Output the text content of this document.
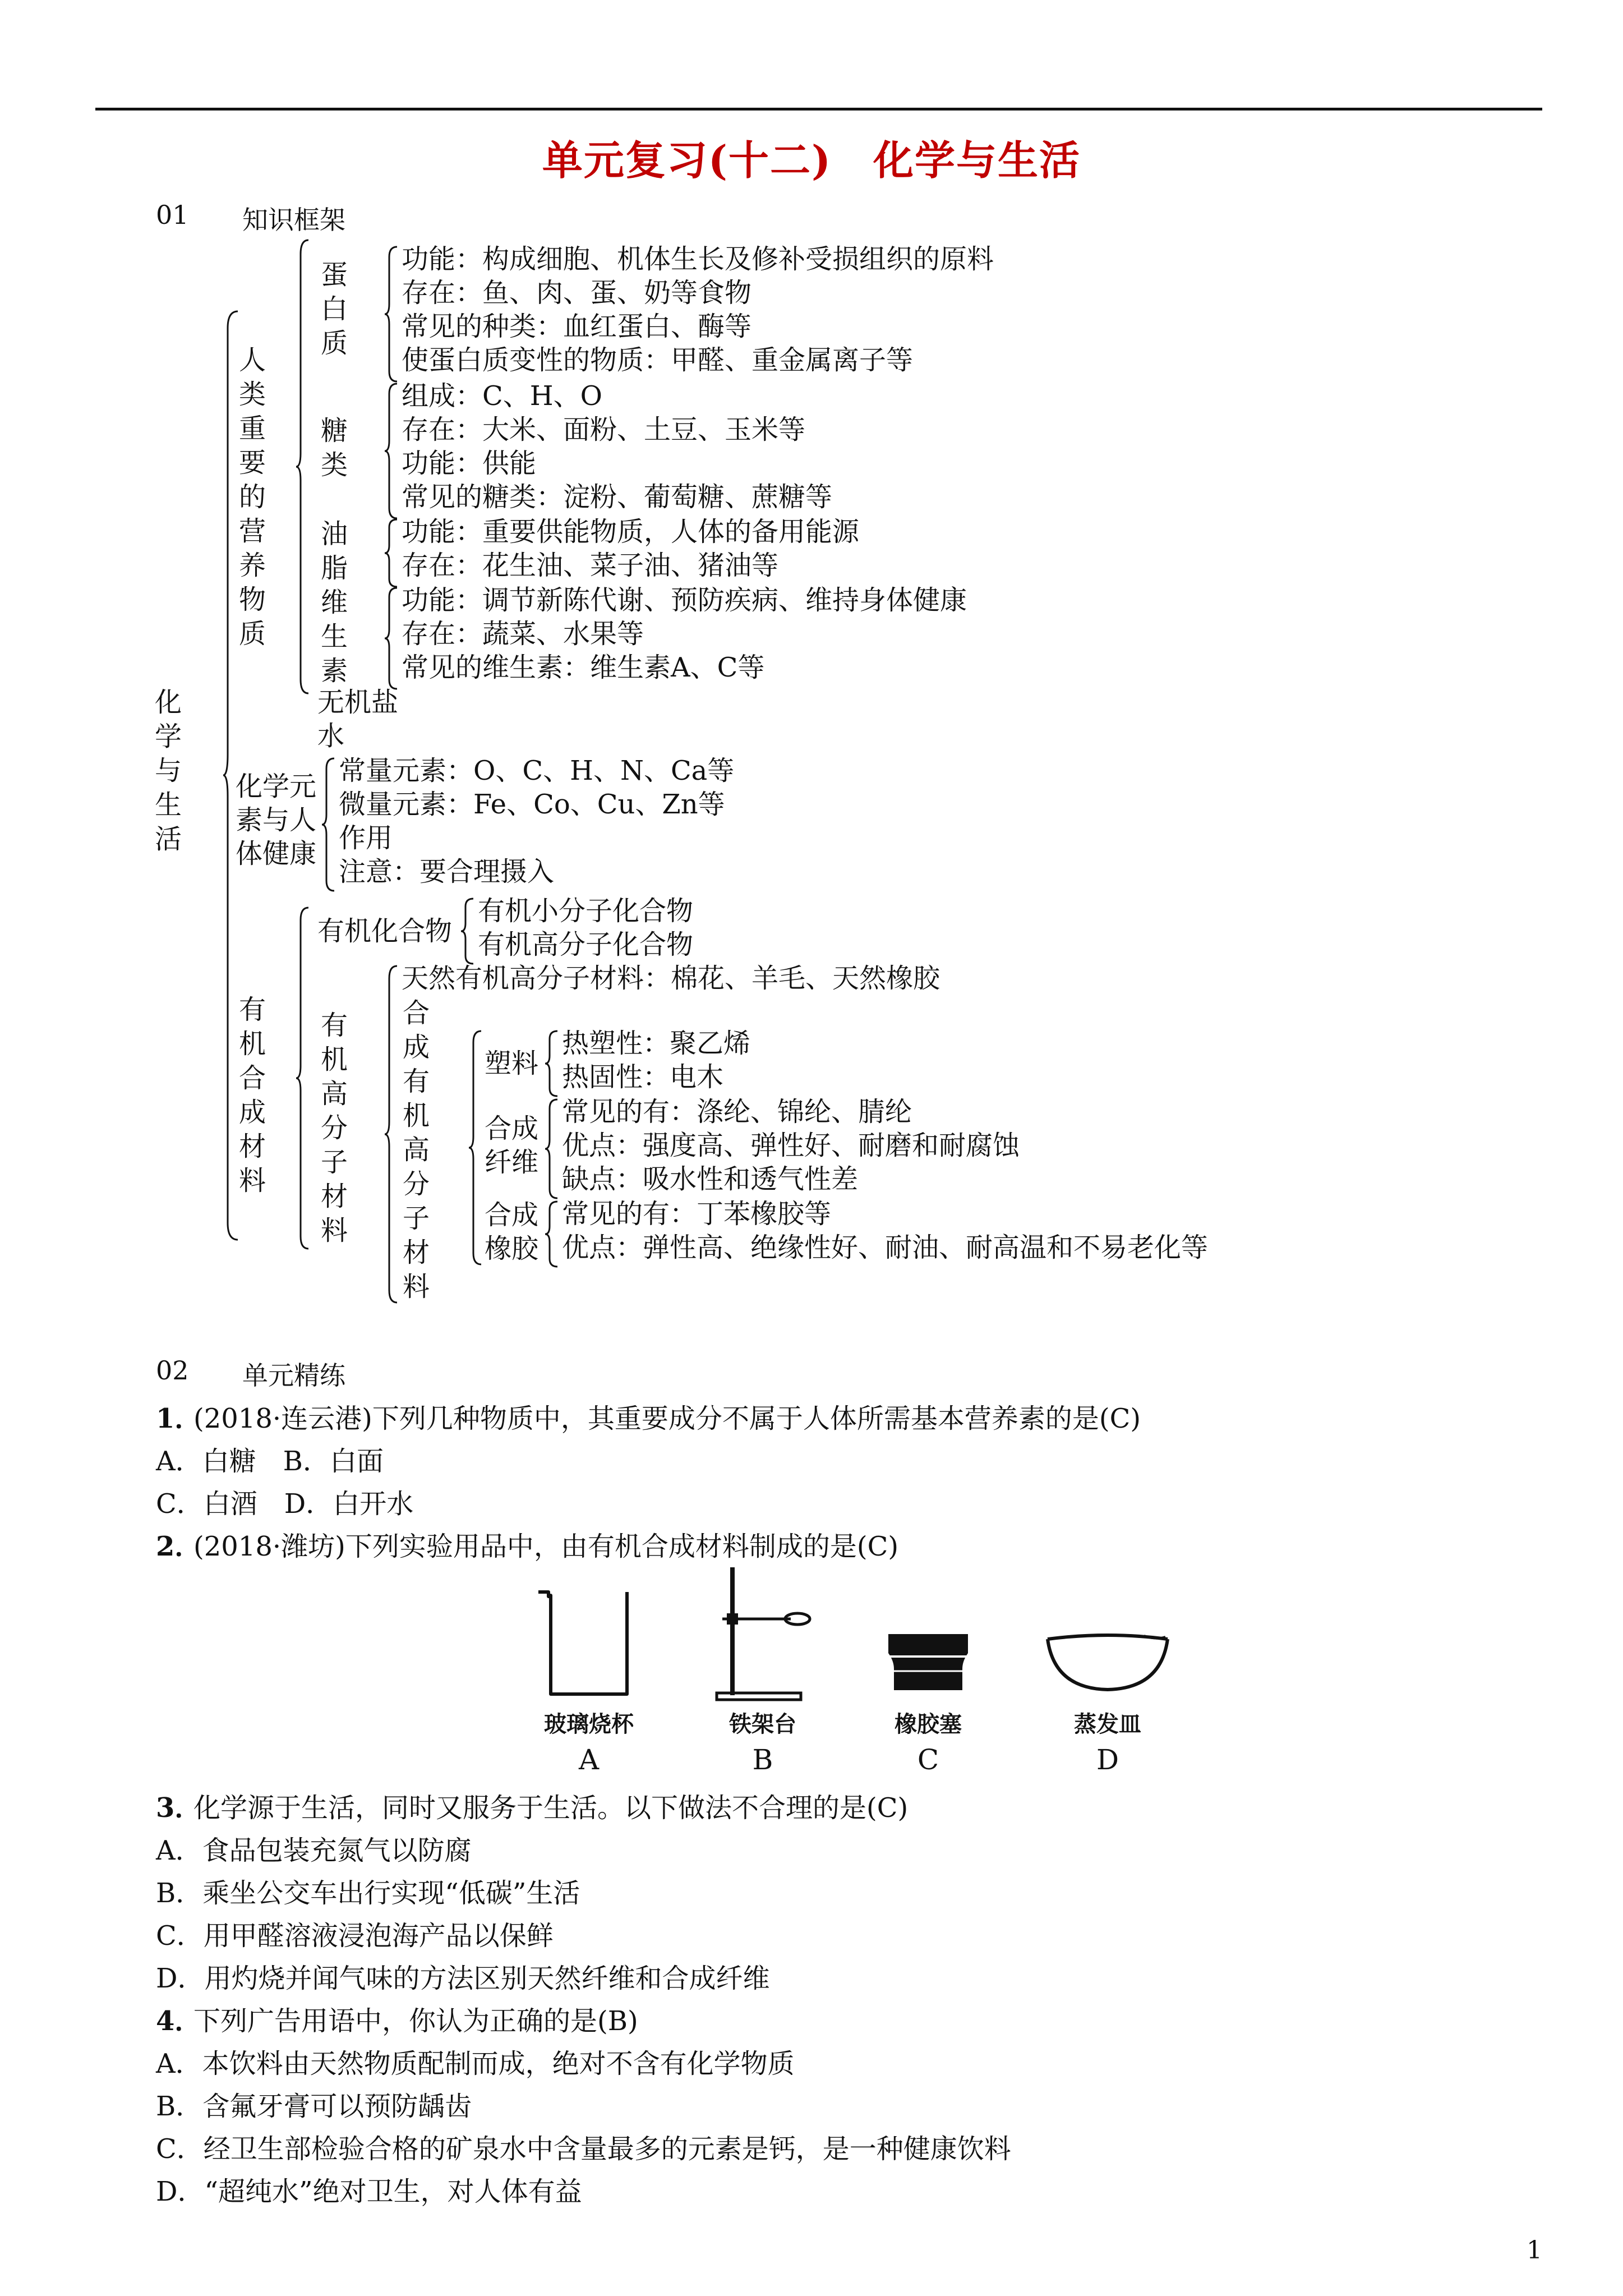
单元复习(十二)　化学与生活
01 知识框架
化学与生活
人类重要的营养物质
蛋白质
功能：构成细胞、机体生长及修补受损组织的原料
存在：鱼、肉、蛋、奶等食物
常见的种类：血红蛋白、酶等
使蛋白质变性的物质：甲醛、重金属离子等
糖类
组成：C、H、O
存在：大米、面粉、土豆、玉米等
功能：供能
常见的糖类：淀粉、葡萄糖、蔗糖等
油脂
功能：重要供能物质，人体的备用能源
存在：花生油、菜子油、猪油等
维生素
功能：调节新陈代谢、预防疾病、维持身体健康
存在：蔬菜、水果等
常见的维生素：维生素A、C等
无机盐
水
化学元
素与人
体健康
常量元素：O、C、H、N、Ca等
微量元素：Fe、Co、Cu、Zn等
作用
注意：要合理摄入
有机合成材料
有机化合物
有机小分子化合物
有机高分子化合物
有机高分子材料
天然有机高分子材料：棉花、羊毛、天然橡胶
合成有机高分子材料
塑料
热塑性：聚乙烯
热固性：电木
合成
纤维
常见的有：涤纶、锦纶、腈纶
优点：强度高、弹性好、耐磨和耐腐蚀
缺点：吸水性和透气性差
合成
橡胶
常见的有：丁苯橡胶等
优点：弹性高、绝缘性好、耐油、耐高温和不易老化等
02 单元精练
1．
(2018·连云港)下列几种物质中，其重要成分不属于人体所需基本营养素的是(C)
A．白糖　B．白面
C．白酒　D．白开水
2．
(2018·潍坊)下列实验用品中，由有机合成材料制成的是(C)
玻璃烧杯	铁架台	橡胶塞	蒸发皿
A	B	C	D
3．
化学源于生活，同时又服务于生活。以下做法不合理的是(C)
A．食品包装充氮气以防腐
B．乘坐公交车出行实现“低碳”生活
C．用甲醛溶液浸泡海产品以保鲜
D．用灼烧并闻气味的方法区别天然纤维和合成纤维
4．
下列广告用语中，你认为正确的是(B)
A．本饮料由天然物质配制而成，绝对不含有化学物质
B．含氟牙膏可以预防龋齿
C．经卫生部检验合格的矿泉水中含量最多的元素是钙，是一种健康饮料
D．“超纯水”绝对卫生，对人体有益
1
